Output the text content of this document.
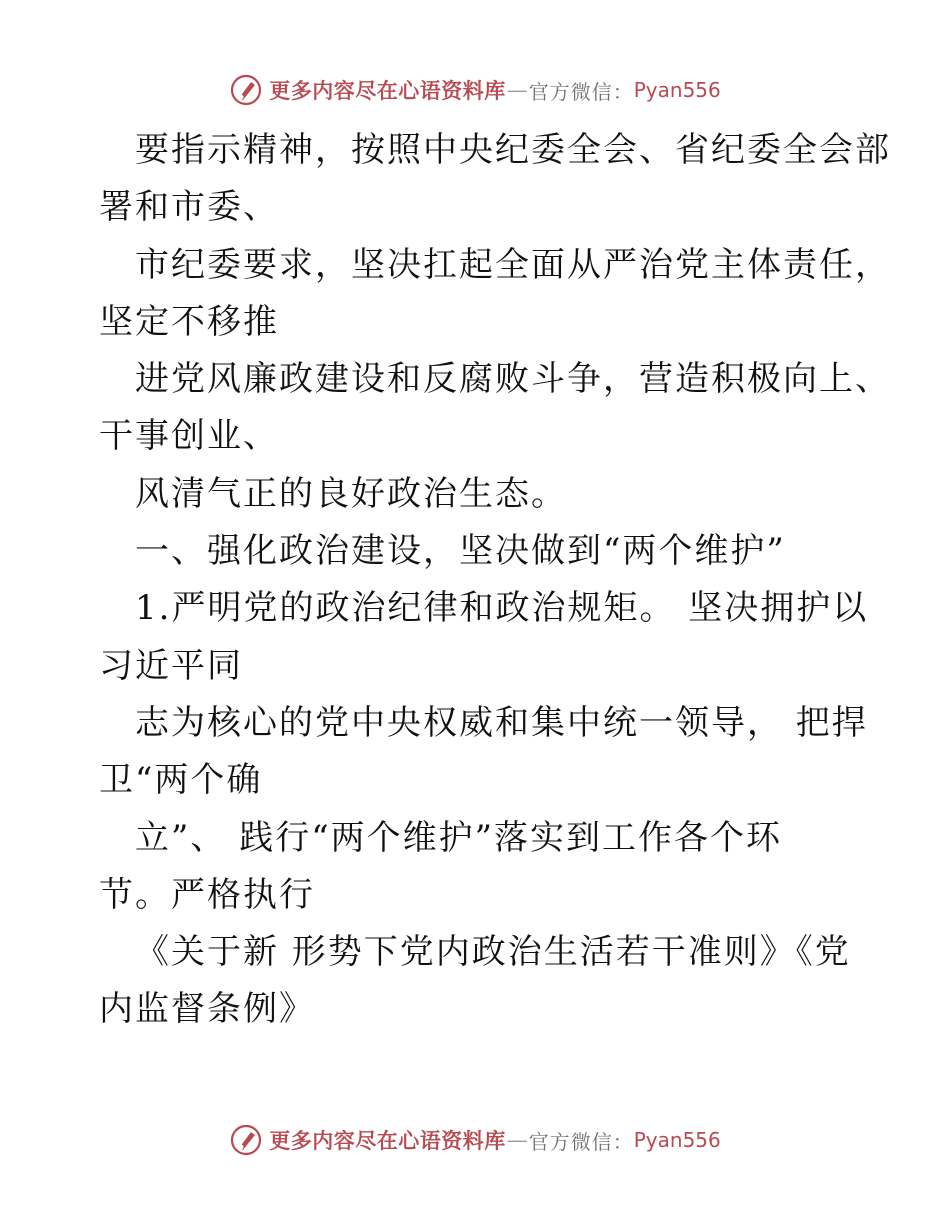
更多内容尽在心语资料库 — 官方微信： Pyan556
要指示精神，按照中央纪委全会、省纪委全会部
署和市委、
市纪委要求，坚决扛起全面从严治党主体责任，
坚定不移推
进党风廉政建设和反腐败斗争，营造积极向上、
干事创业、
风清气正的良好政治生态。
一、强化政治建设，坚决做到“两个维护”
1.严明党的政治纪律和政治规矩。 坚决拥护以
习近平同
志为核心的党中央权威和集中统一领导， 把捍
卫“两个确
立”、 践行“两个维护”落实到工作各个环
节。严格执行
《关于新 形势下党内政治生活若干准则》《党
内监督条例》
更多内容尽在心语资料库 — 官方微信： Pyan556
